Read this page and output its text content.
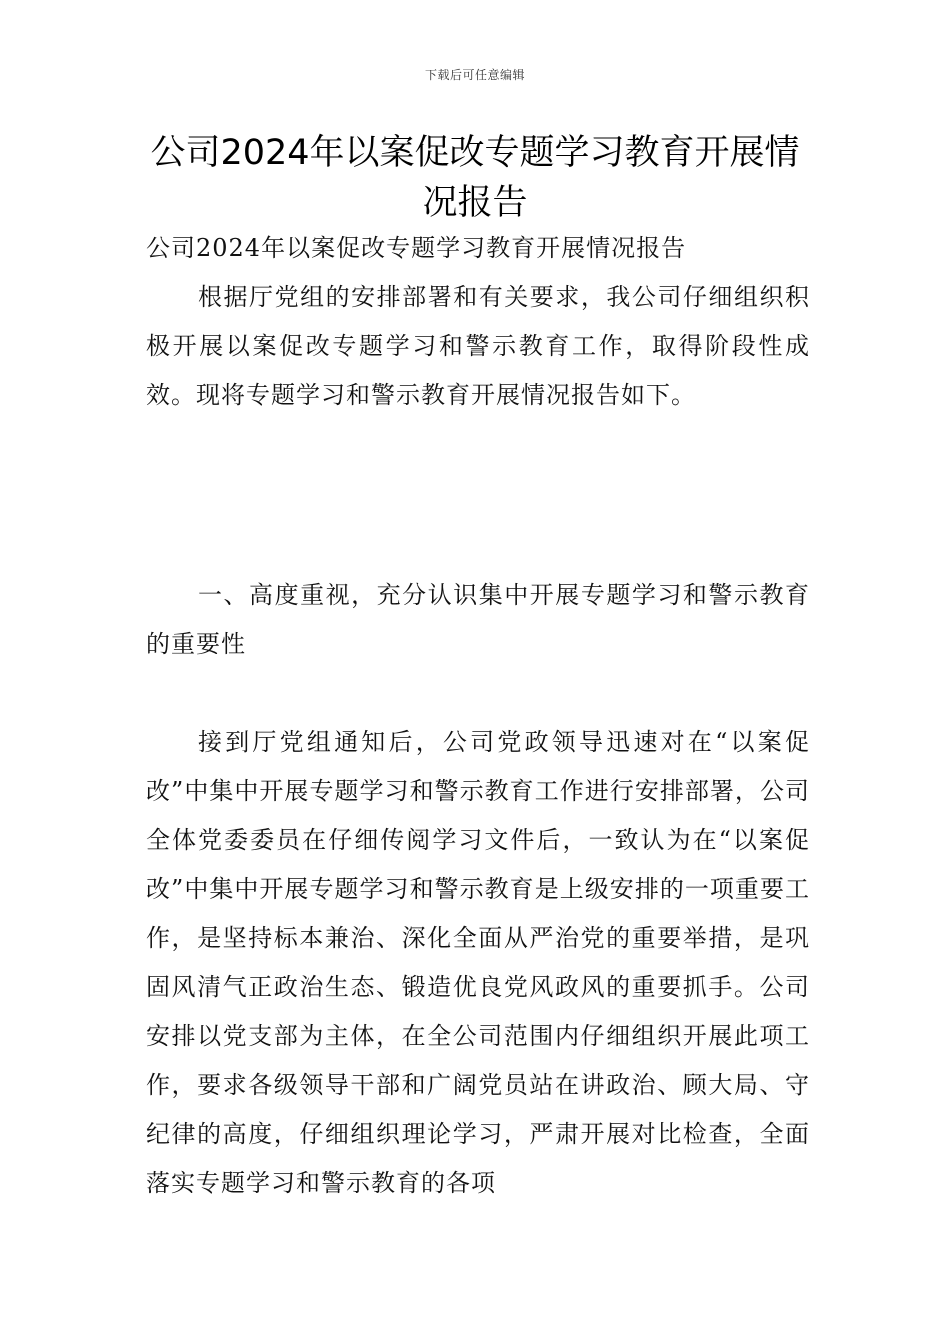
下载后可任意编辑
公司2024年以案促改专题学习教育开展情况报告

公司2024年以案促改专题学习教育开展情况报告

根据厅党组的安排部署和有关要求，我公司仔细组织积极开展以案促改专题学习和警示教育工作，取得阶段性成效。现将专题学习和警示教育开展情况报告如下。

一、高度重视，充分认识集中开展专题学习和警示教育的重要性

接到厅党组通知后，公司党政领导迅速对在“以案促改”中集中开展专题学习和警示教育工作进行安排部署，公司全体党委委员在仔细传阅学习文件后，一致认为在“以案促改”中集中开展专题学习和警示教育是上级安排的一项重要工作，是坚持标本兼治、深化全面从严治党的重要举措，是巩固风清气正政治生态、锻造优良党风政风的重要抓手。公司安排以党支部为主体，在全公司范围内仔细组织开展此项工作，要求各级领导干部和广阔党员站在讲政治、顾大局、守纪律的高度，仔细组织理论学习，严肃开展对比检查，全面落实专题学习和警示教育的各项
